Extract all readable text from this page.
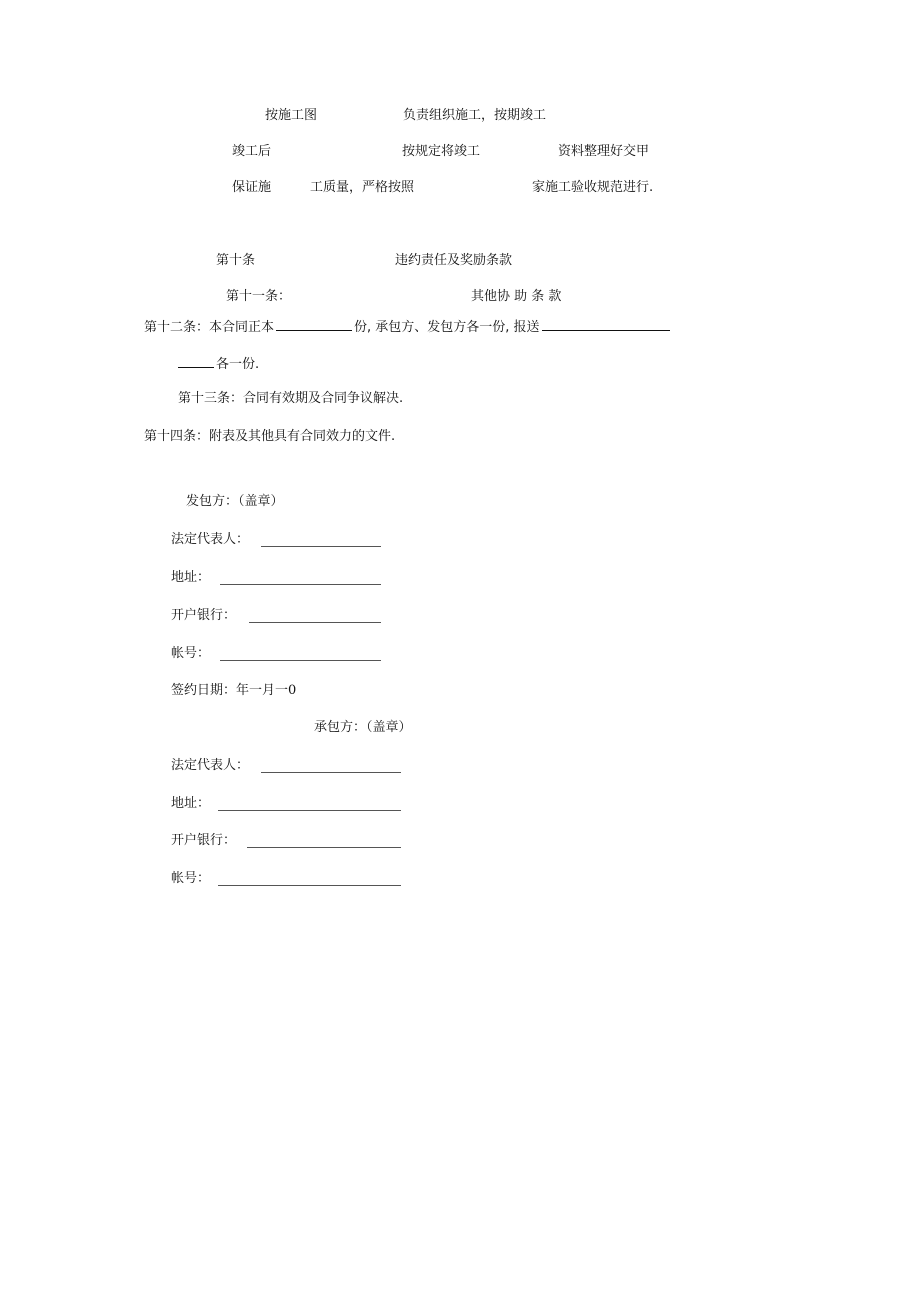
按施工图	负责组织施工，按期竣工
竣工后	按规定将竣工	资料整理好交甲
保证施	工质量，严格按照	家施工验收规范进行.
第十条	违约责任及奖励条款
第十一条：	其他协 助 条 款
第十二条：本合同正本	份, 承包方、发包方各一份, 报送
各一份.
第十三条：合同有效期及合同争议解决.
第十四条：附表及其他具有合同效力的文件.
发包方：（盖章）
法定代表人：
地址：
开户银行：
帐号：
签约日期：年一月一0
承包方：（盖章）
法定代表人：
地址：
开户银行：
帐号：
